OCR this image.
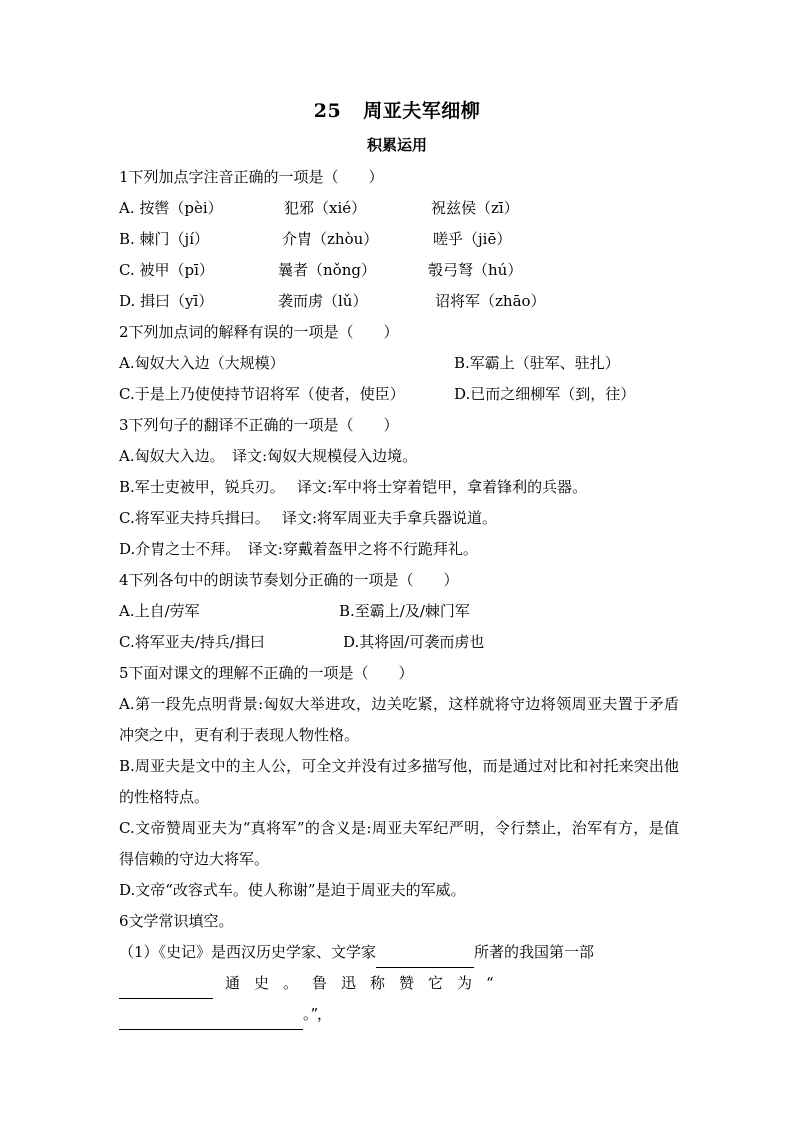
25 周亚夫军细柳
积累运用
1下列加点字注音正确的一项是（　　）
A. 按辔（pèi）	犯邪（xié）	祝兹侯（zī）
B. 棘门（jí）	介胄（zhòu）	嗟乎（jiē）
C. 被甲（pī）	曩者（nǒng）	彀弓弩（hú）
D. 揖曰（yī）	袭而虏（lǔ）	诏将军（zhāo）
2下列加点词的解释有误的一项是（　　）
A.匈奴大入边（大规模）	B.军霸上（驻军、驻扎）
C.于是上乃使使持节诏将军（使者，使臣）	D.已而之细柳军（到，往）
3下列句子的翻译不正确的一项是（　　）
A.匈奴大入边。　译文:匈奴大规模侵入边境。
B.军士吏被甲，锐兵刃。　 译文:军中将士穿着铠甲，拿着锋利的兵器。
C.将军亚夫持兵揖曰。　 译文:将军周亚夫手拿兵器说道。
D.介胄之士不拜。　译文:穿戴着盔甲之将不行跪拜礼。
4下列各句中的朗读节奏划分正确的一项是（　　）
A.上自/劳军	B.至霸上/及/棘门军
C.将军亚夫/持兵/揖曰	D.其将固/可袭而虏也
5下面对课文的理解不正确的一项是（　　）
A.第一段先点明背景:匈奴大举进攻，边关吃紧，这样就将守边将领周亚夫置于矛盾冲突之中，更有利于表现人物性格。
B.周亚夫是文中的主人公，可全文并没有过多描写他，而是通过对比和衬托来突出他的性格特点。
C.文帝赞周亚夫为“真将军”的含义是:周亚夫军纪严明，令行禁止，治军有方，是值得信赖的守边大将军。
D.文帝“改容式车。使人称谢”是迫于周亚夫的军威。
6文学常识填空。
（1）《史记》是西汉历史学家、文学家	所著的我国第一部
通史。鲁迅称赞它为“，
。”
